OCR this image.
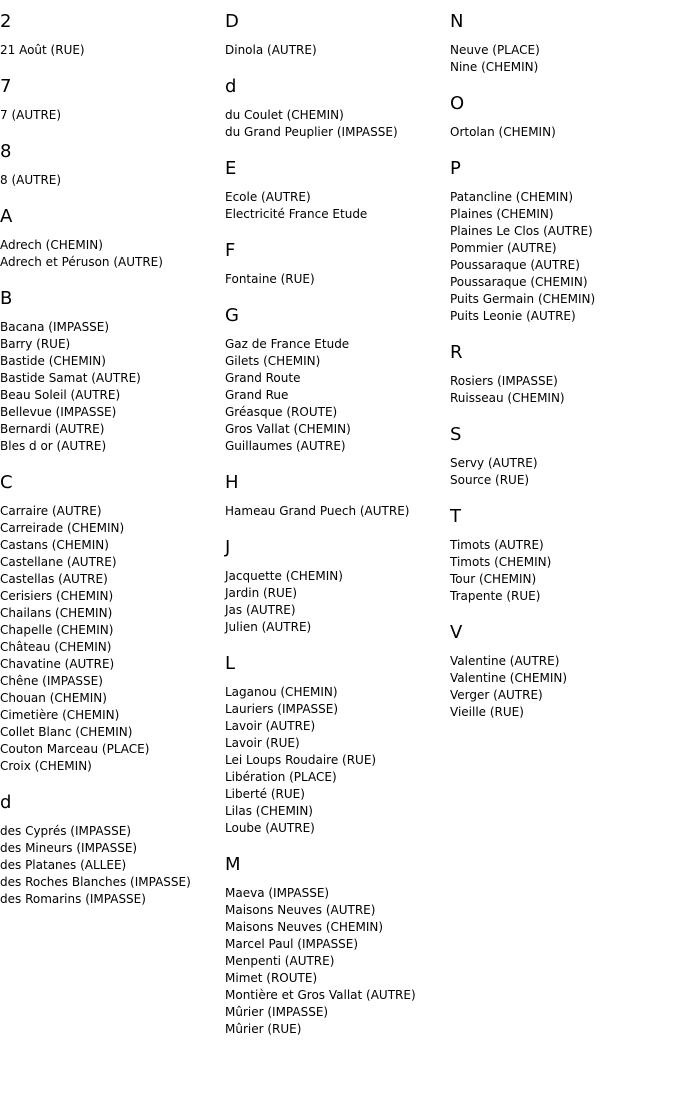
2
21 Août (RUE)
7
7 (AUTRE)
8
8 (AUTRE)
A
Adrech (CHEMIN)
Adrech et Péruson (AUTRE)
B
Bacana (IMPASSE)
Barry (RUE)
Bastide (CHEMIN)
Bastide Samat (AUTRE)
Beau Soleil (AUTRE)
Bellevue (IMPASSE)
Bernardi (AUTRE)
Bles d or (AUTRE)
C
Carraire (AUTRE)
Carreirade (CHEMIN)
Castans (CHEMIN)
Castellane (AUTRE)
Castellas (AUTRE)
Cerisiers (CHEMIN)
Chailans (CHEMIN)
Chapelle (CHEMIN)
Château (CHEMIN)
Chavatine (AUTRE)
Chêne (IMPASSE)
Chouan (CHEMIN)
Cimetière (CHEMIN)
Collet Blanc (CHEMIN)
Couton Marceau (PLACE)
Croix (CHEMIN)
d
des Cyprés (IMPASSE)
des Mineurs (IMPASSE)
des Platanes (ALLEE)
des Roches Blanches (IMPASSE)
des Romarins (IMPASSE)
D
Dinola (AUTRE)
d
du Coulet (CHEMIN)
du Grand Peuplier (IMPASSE)
E
Ecole (AUTRE)
Electricité France Etude
F
Fontaine (RUE)
G
Gaz de France Etude
Gilets (CHEMIN)
Grand Route
Grand Rue
Gréasque (ROUTE)
Gros Vallat (CHEMIN)
Guillaumes (AUTRE)
H
Hameau Grand Puech (AUTRE)
J
Jacquette (CHEMIN)
Jardin (RUE)
Jas (AUTRE)
Julien (AUTRE)
L
Laganou (CHEMIN)
Lauriers (IMPASSE)
Lavoir (AUTRE)
Lavoir (RUE)
Lei Loups Roudaire (RUE)
Libération (PLACE)
Liberté (RUE)
Lilas (CHEMIN)
Loube (AUTRE)
M
Maeva (IMPASSE)
Maisons Neuves (AUTRE)
Maisons Neuves (CHEMIN)
Marcel Paul (IMPASSE)
Menpenti (AUTRE)
Mimet (ROUTE)
Montière et Gros Vallat (AUTRE)
Mûrier (IMPASSE)
Mûrier (RUE)
N
Neuve (PLACE)
Nine (CHEMIN)
O
Ortolan (CHEMIN)
P
Patancline (CHEMIN)
Plaines (CHEMIN)
Plaines Le Clos (AUTRE)
Pommier (AUTRE)
Poussaraque (AUTRE)
Poussaraque (CHEMIN)
Puits Germain (CHEMIN)
Puits Leonie (AUTRE)
R
Rosiers (IMPASSE)
Ruisseau (CHEMIN)
S
Servy (AUTRE)
Source (RUE)
T
Timots (AUTRE)
Timots (CHEMIN)
Tour (CHEMIN)
Trapente (RUE)
V
Valentine (AUTRE)
Valentine (CHEMIN)
Verger (AUTRE)
Vieille (RUE)
